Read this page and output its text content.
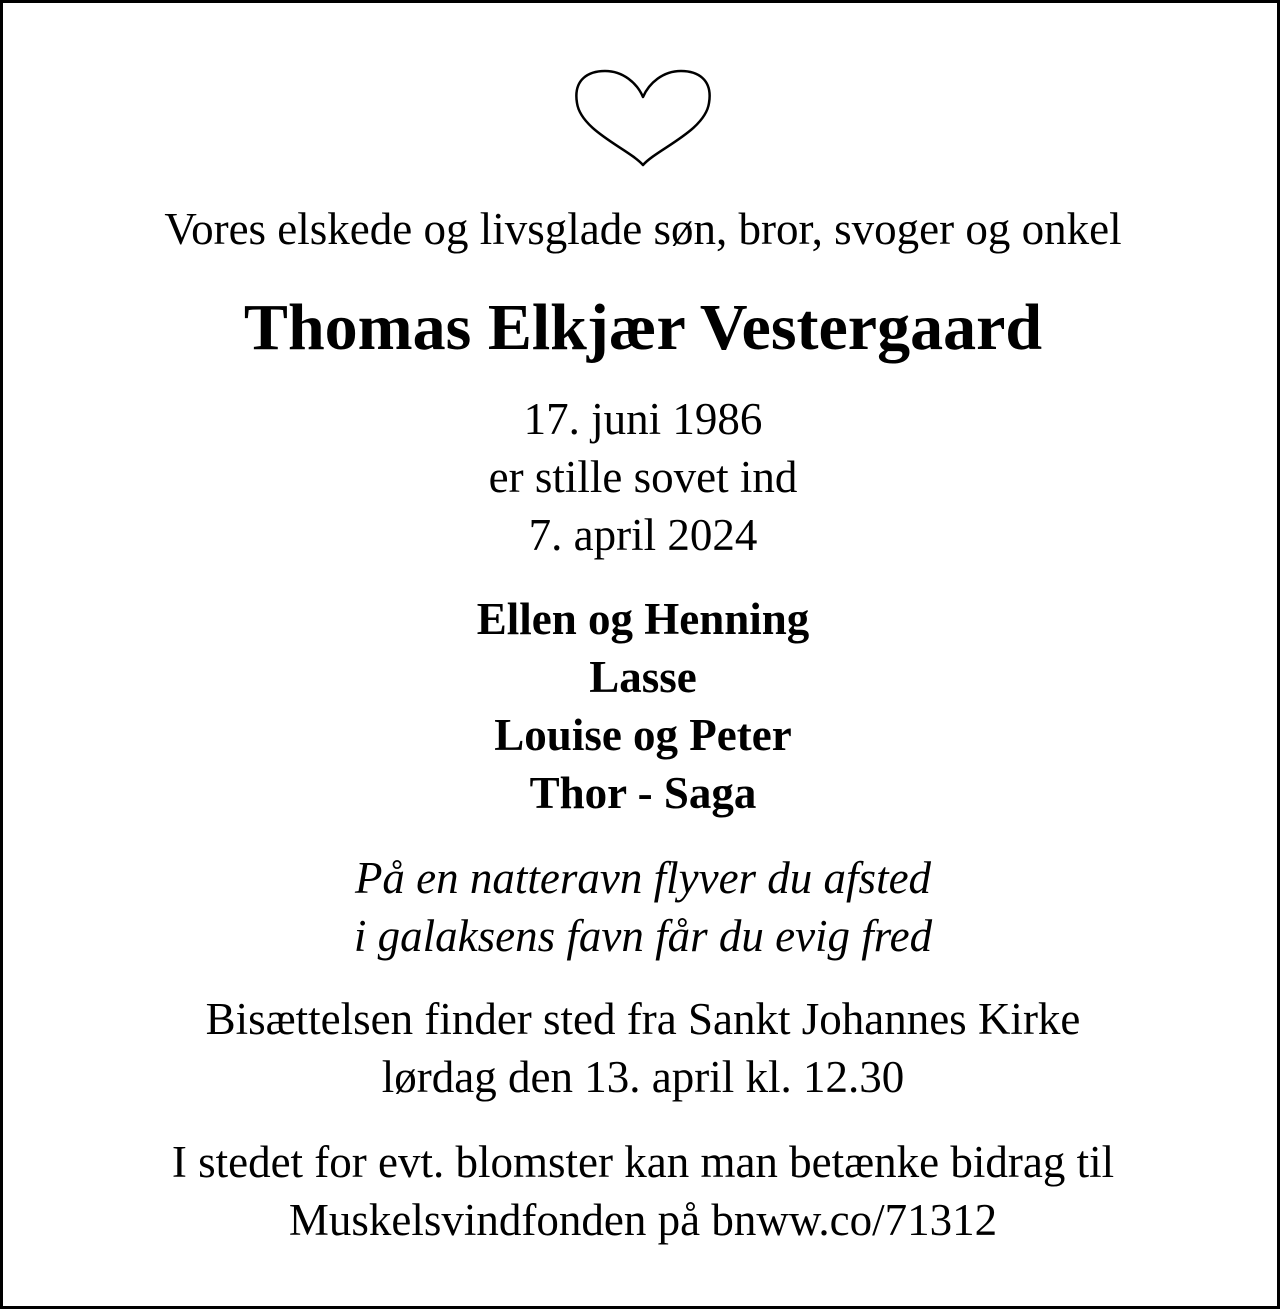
Vores elskede og livsglade søn, bror, svoger og onkel

Thomas Elkjær Vestergaard

17. juni 1986

er stille sovet ind

7. april 2024

Ellen og Henning

Lasse

Louise og Peter

Thor - Saga

På en natteravn flyver du afsted

i galaksens favn får du evig fred

Bisættelsen finder sted fra Sankt Johannes Kirke

lørdag den 13. april kl. 12.30

I stedet for evt. blomster kan man betænke bidrag til

Muskelsvindfonden på bnww.co/71312
